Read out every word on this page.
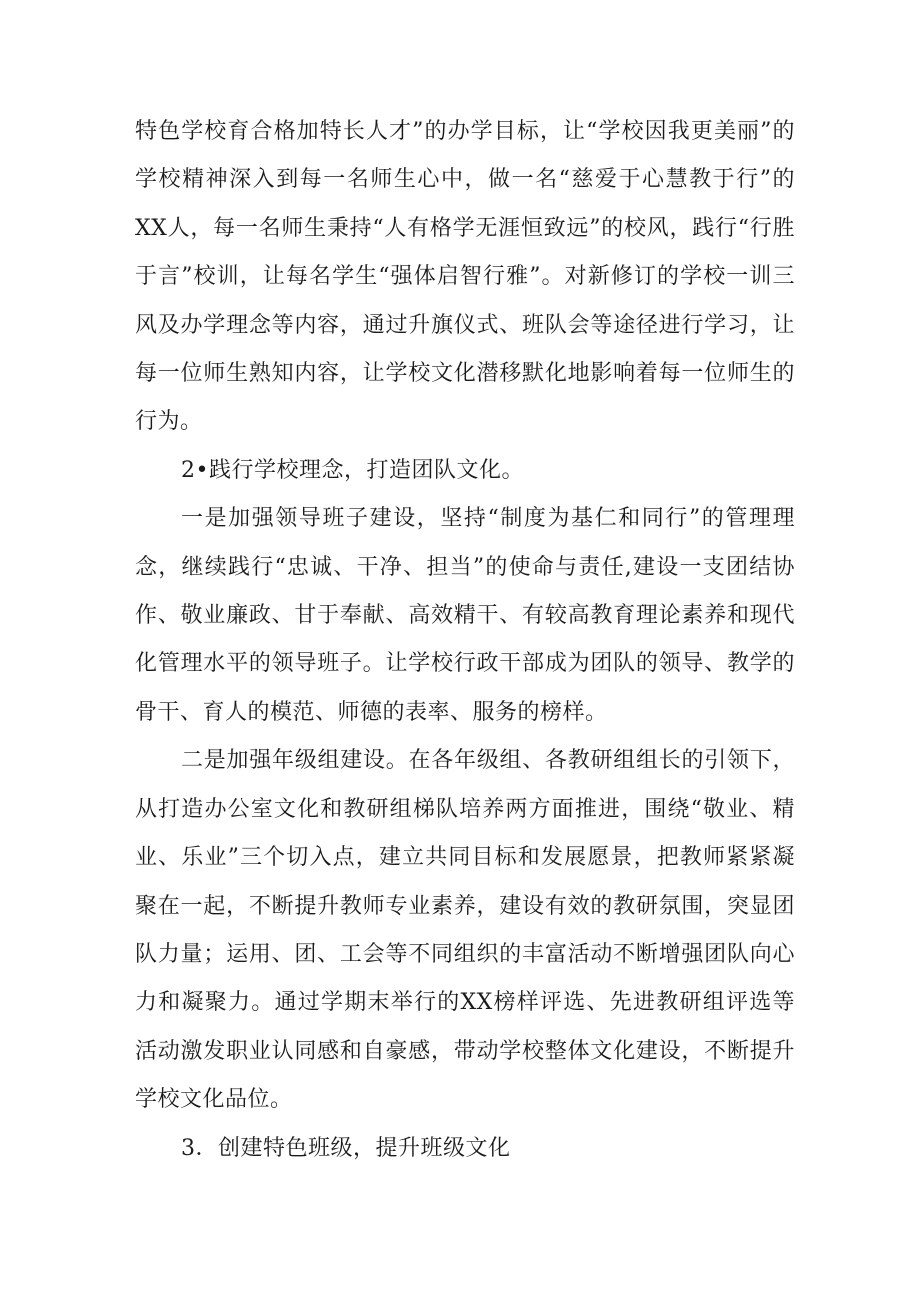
特色学校育合格加特长人才”的办学目标，让“学校因我更美丽”的学校精神深入到每一名师生心中，做一名“慈爱于心慧教于行”的XX人，每一名师生秉持“人有格学无涯恒致远”的校风，践行“行胜于言”校训，让每名学生“强体启智行雅”。对新修订的学校一训三风及办学理念等内容，通过升旗仪式、班队会等途径进行学习，让每一位师生熟知内容，让学校文化潜移默化地影响着每一位师生的行为。

2•践行学校理念，打造团队文化。

一是加强领导班子建设，坚持“制度为基仁和同行”的管理理念，继续践行“忠诚、干净、担当”的使命与责任,建设一支团结协作、敬业廉政、甘于奉献、高效精干、有较高教育理论素养和现代化管理水平的领导班子。让学校行政干部成为团队的领导、教学的骨干、育人的模范、师德的表率、服务的榜样。

二是加强年级组建设。在各年级组、各教研组组长的引领下，从打造办公室文化和教研组梯队培养两方面推进，围绕“敬业、精业、乐业”三个切入点，建立共同目标和发展愿景，把教师紧紧凝聚在一起，不断提升教师专业素养，建设有效的教研氛围，突显团队力量；运用、团、工会等不同组织的丰富活动不断增强团队向心力和凝聚力。通过学期末举行的XX榜样评选、先进教研组评选等活动激发职业认同感和自豪感，带动学校整体文化建设，不断提升学校文化品位。

3．创建特色班级，提升班级文化
